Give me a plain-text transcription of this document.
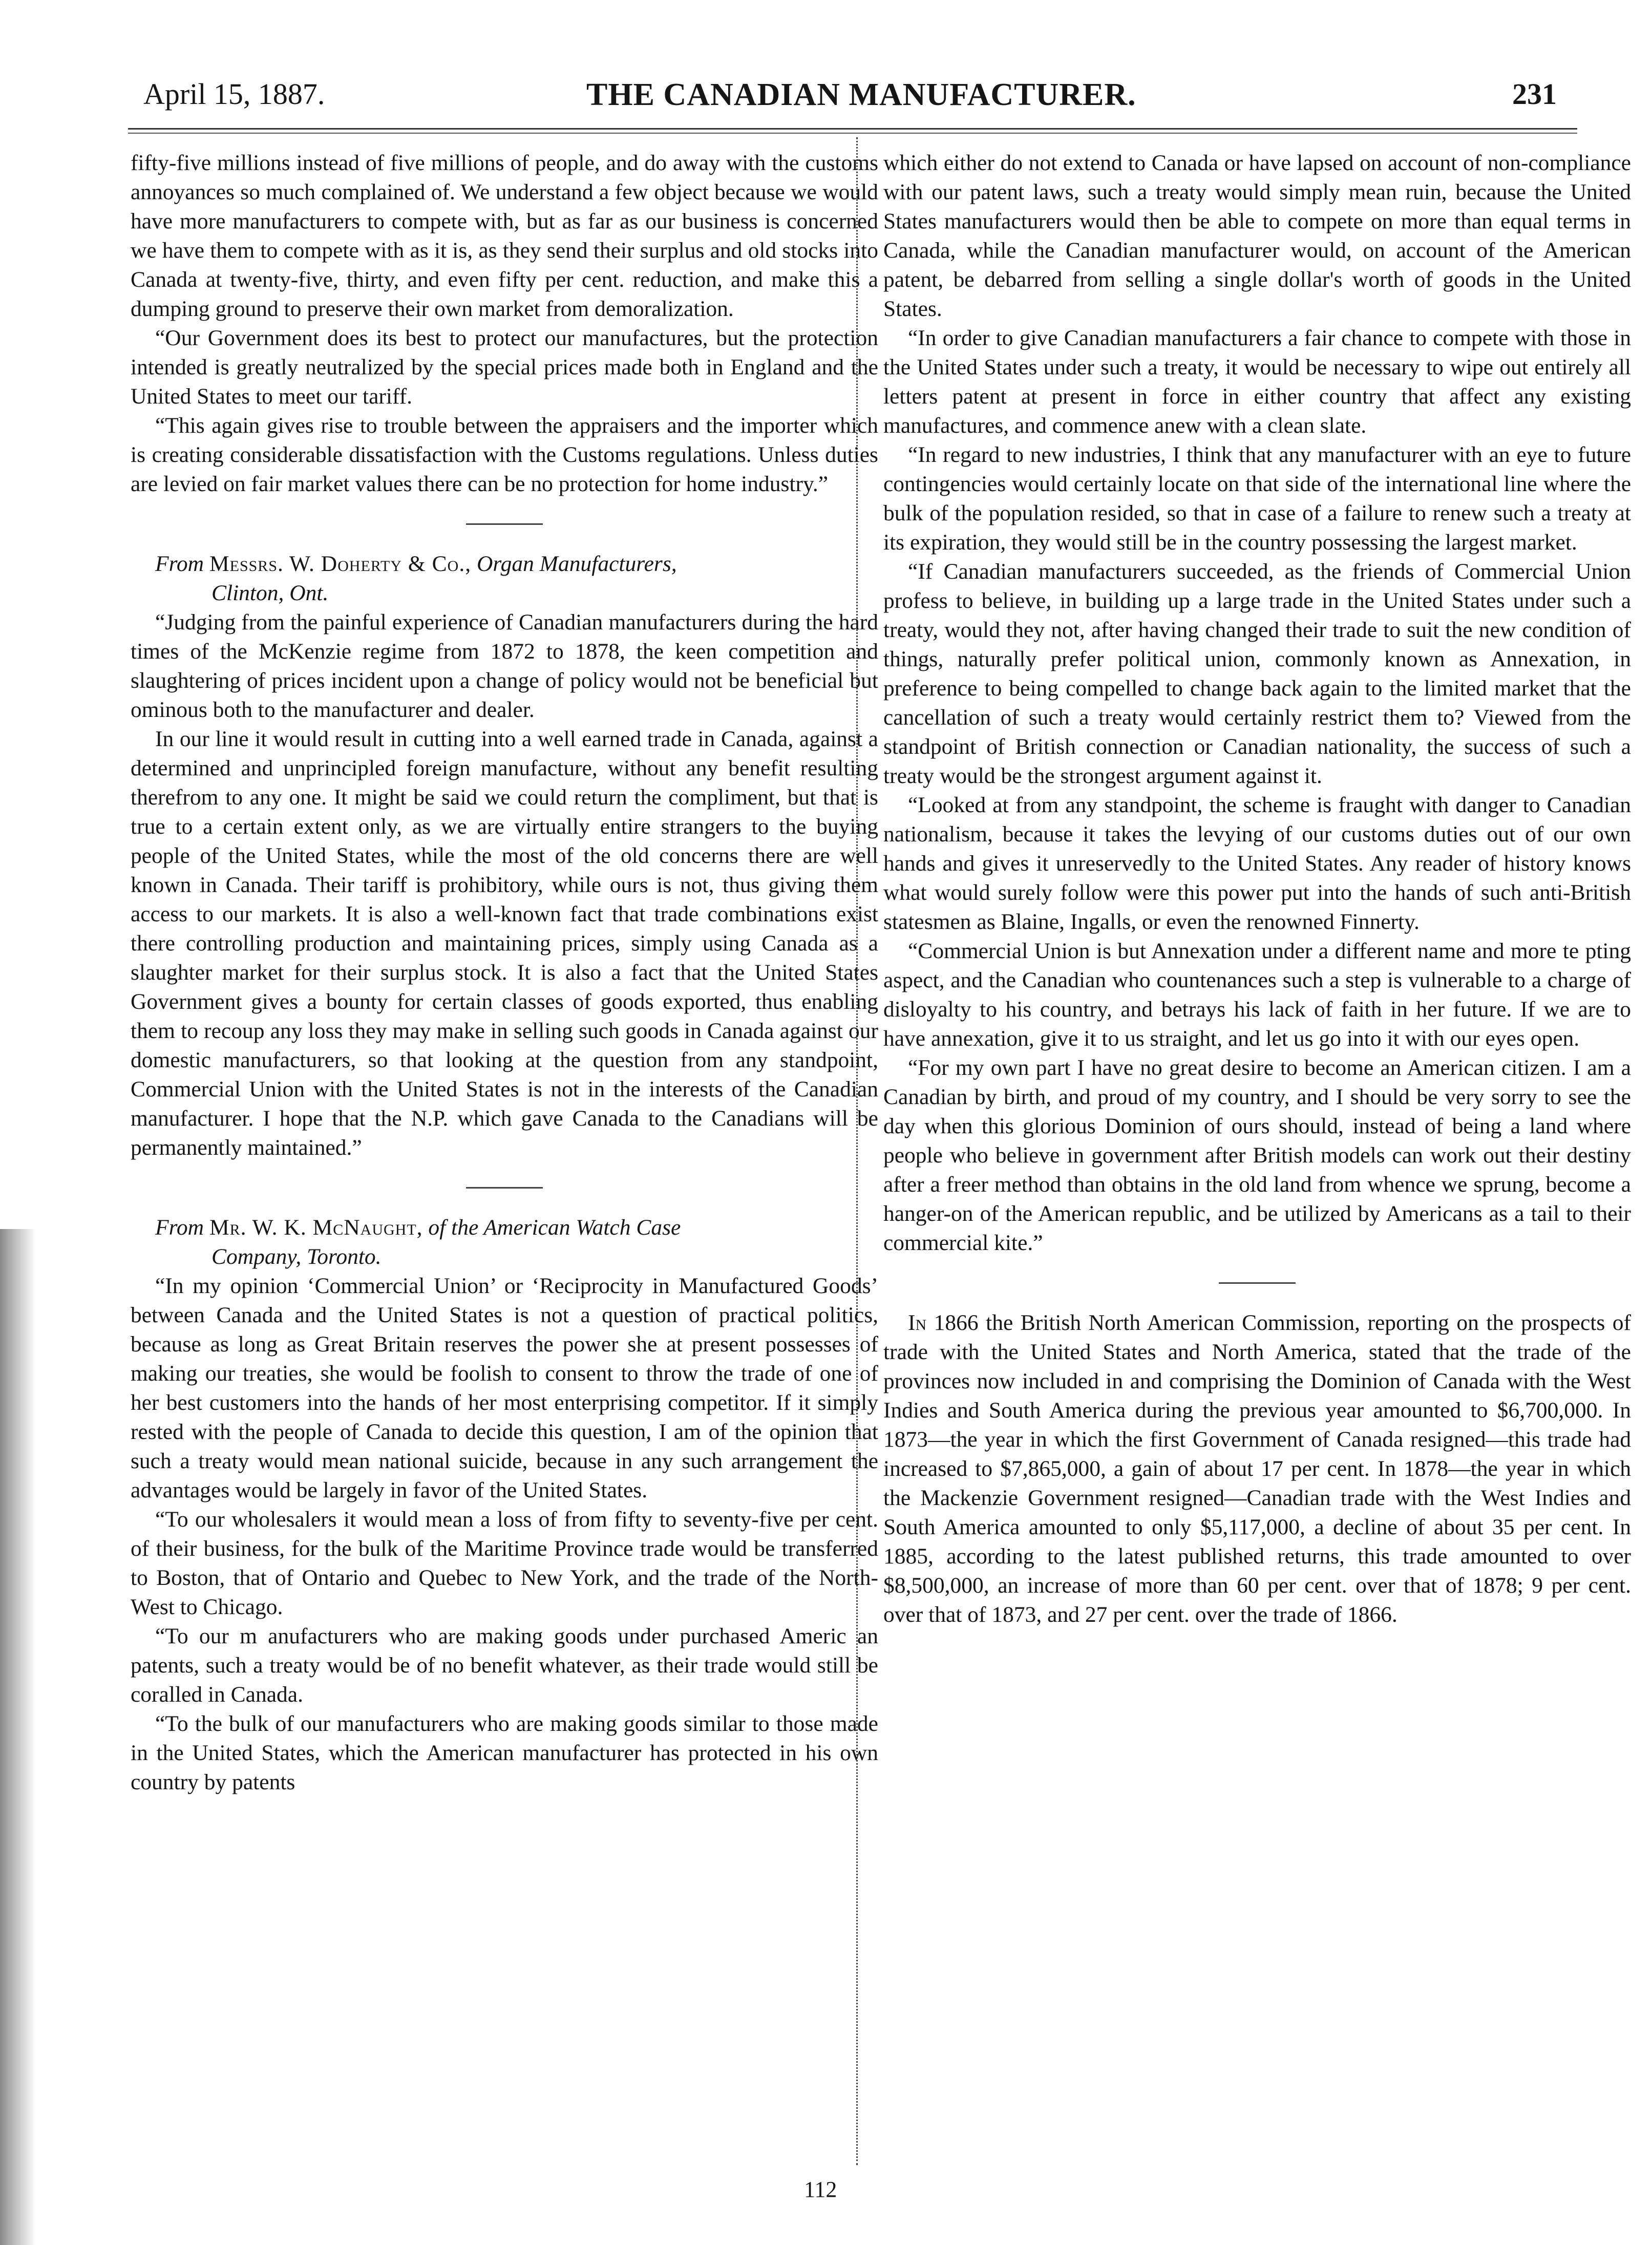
April 15, 1887.	THE CANADIAN MANUFACTURER.	231

fifty-five millions instead of five millions of people, and do away with the customs annoyances so much complained of. We understand a few object because we would have more manufacturers to compete with, but as far as our business is concerned we have them to compete with as it is, as they send their surplus and old stocks into Canada at twenty-five, thirty, and even fifty per cent. reduction, and make this a dumping ground to preserve their own market from demoralization.

“Our Government does its best to protect our manufactures, but the protection intended is greatly neutralized by the special prices made both in England and the United States to meet our tariff.

“This again gives rise to trouble between the appraisers and the importer which is creating considerable dissatisfaction with the Customs regulations. Unless duties are levied on fair market values there can be no protection for home industry.”

From Messrs. W. Doherty & Co., Organ Manufacturers,
Clinton, Ont.

“Judging from the painful experience of Canadian manufacturers during the hard times of the McKenzie regime from 1872 to 1878, the keen competition and slaughtering of prices incident upon a change of policy would not be beneficial but ominous both to the manufacturer and dealer.

In our line it would result in cutting into a well earned trade in Canada, against a determined and unprincipled foreign manufacture, without any benefit resulting therefrom to any one. It might be said we could return the compliment, but that is true to a certain extent only, as we are virtually entire strangers to the buying people of the United States, while the most of the old concerns there are well known in Canada. Their tariff is prohibitory, while ours is not, thus giving them access to our markets. It is also a well-known fact that trade combinations exist there controlling production and maintaining prices, simply using Canada as a slaughter market for their surplus stock. It is also a fact that the United States Government gives a bounty for certain classes of goods exported, thus enabling them to recoup any loss they may make in selling such goods in Canada against our domestic manufacturers, so that looking at the question from any standpoint, Commercial Union with the United States is not in the interests of the Canadian manufacturer. I hope that the N.P. which gave Canada to the Canadians will be permanently maintained.”

From Mr. W. K. McNaught, of the American Watch Case
Company, Toronto.

“In my opinion ‘Commercial Union’ or ‘Reciprocity in Manufactured Goods’ between Canada and the United States is not a question of practical politics, because as long as Great Britain reserves the power she at present possesses of making our treaties, she would be foolish to consent to throw the trade of one of her best customers into the hands of her most enterprising competitor. If it simply rested with the people of Canada to decide this question, I am of the opinion that such a treaty would mean national suicide, because in any such arrangement the advantages would be largely in favor of the United States.

“To our wholesalers it would mean a loss of from fifty to seventy-five per cent. of their business, for the bulk of the Maritime Province trade would be transferred to Boston, that of Ontario and Quebec to New York, and the trade of the North-West to Chicago.

“To our m anufacturers who are making goods under purchased Americ an patents, such a treaty would be of no benefit whatever, as their trade would still be coralled in Canada.

“To the bulk of our manufacturers who are making goods similar to those made in the United States, which the American manufacturer has protected in his own country by patents

which either do not extend to Canada or have lapsed on account of non-compliance with our patent laws, such a treaty would simply mean ruin, because the United States manufacturers would then be able to compete on more than equal terms in Canada, while the Canadian manufacturer would, on account of the American patent, be debarred from selling a single dollar's worth of goods in the United States.

“In order to give Canadian manufacturers a fair chance to compete with those in the United States under such a treaty, it would be necessary to wipe out entirely all letters patent at present in force in either country that affect any existing manufactures, and commence anew with a clean slate.

“In regard to new industries, I think that any manufacturer with an eye to future contingencies would certainly locate on that side of the international line where the bulk of the population resided, so that in case of a failure to renew such a treaty at its expiration, they would still be in the country possessing the largest market.

“If Canadian manufacturers succeeded, as the friends of Commercial Union profess to believe, in building up a large trade in the United States under such a treaty, would they not, after having changed their trade to suit the new condition of things, naturally prefer political union, commonly known as Annexation, in preference to being compelled to change back again to the limited market that the cancellation of such a treaty would certainly restrict them to? Viewed from the standpoint of British connection or Canadian nationality, the success of such a treaty would be the strongest argument against it.

“Looked at from any standpoint, the scheme is fraught with danger to Canadian nationalism, because it takes the levying of our customs duties out of our own hands and gives it unreservedly to the United States. Any reader of history knows what would surely follow were this power put into the hands of such anti-British statesmen as Blaine, Ingalls, or even the renowned Finnerty.

“Commercial Union is but Annexation under a different name and more te pting aspect, and the Canadian who countenances such a step is vulnerable to a charge of disloyalty to his country, and betrays his lack of faith in her future. If we are to have annexation, give it to us straight, and let us go into it with our eyes open.

“For my own part I have no great desire to become an American citizen. I am a Canadian by birth, and proud of my country, and I should be very sorry to see the day when this glorious Dominion of ours should, instead of being a land where people who believe in government after British models can work out their destiny after a freer method than obtains in the old land from whence we sprung, become a hanger-on of the American republic, and be utilized by Americans as a tail to their commercial kite.”

In 1866 the British North American Commission, reporting on the prospects of trade with the United States and North America, stated that the trade of the provinces now included in and comprising the Dominion of Canada with the West Indies and South America during the previous year amounted to $6,700,000. In 1873—the year in which the first Government of Canada resigned—this trade had increased to $7,865,000, a gain of about 17 per cent. In 1878—the year in which the Mackenzie Government resigned—Canadian trade with the West Indies and South America amounted to only $5,117,000, a decline of about 35 per cent. In 1885, according to the latest published returns, this trade amounted to over $8,500,000, an increase of more than 60 per cent. over that of 1878; 9 per cent. over that of 1873, and 27 per cent. over the trade of 1866.

112
